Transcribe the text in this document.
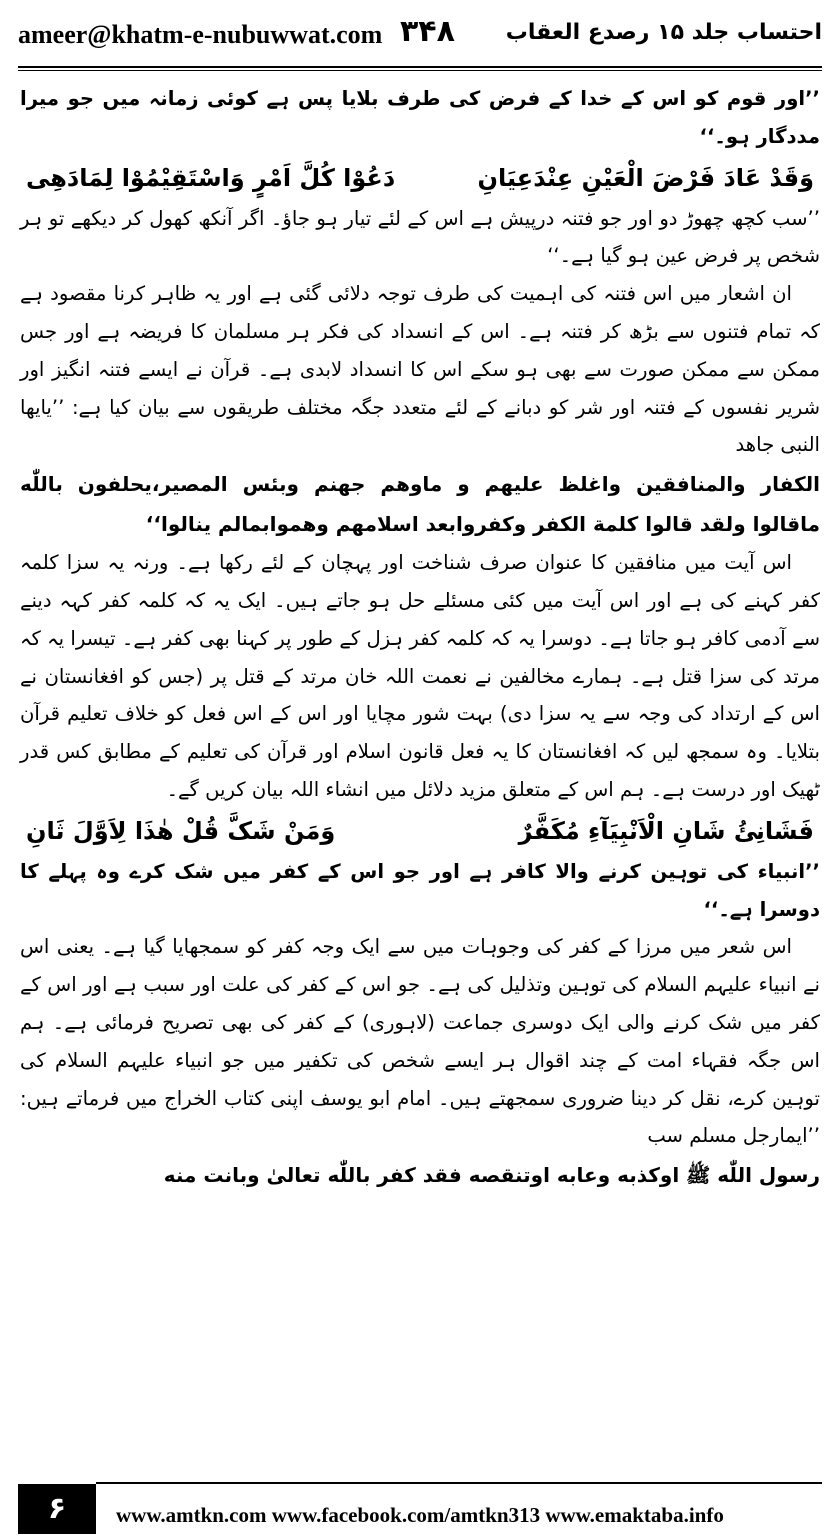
ameer@khatm-e-nubuwwat.com ۳۴۸ احتساب جلد ۱۵ رصدع العقاب

’’اور قوم کو اس کے خدا کے فرض کی طرف بلایا پس ہے کوئی زمانہ میں جو میرا مددگار ہو۔‘‘

وَقَدْ عَادَ فَرْضَ الْعَیْنِ عِنْدَعِیَانِ
دَعُوْا کُلَّ اَمْرٍ وَاسْتَقِیْمُوْا لِمَادَھِی

’’سب کچھ چھوڑ دو اور جو فتنہ درپیش ہے اس کے لئے تیار ہو جاؤ۔ اگر آنکھ کھول کر دیکھے تو ہر شخص پر فرض عین ہو گیا ہے۔‘‘

ان اشعار میں اس فتنہ کی اہمیت کی طرف توجہ دلائی گئی ہے اور یہ ظاہر کرنا مقصود ہے کہ تمام فتنوں سے بڑھ کر فتنہ ہے۔ اس کے انسداد کی فکر ہر مسلمان کا فریضہ ہے اور جس ممکن سے ممکن صورت سے بھی ہو سکے اس کا انسداد لابدی ہے۔ قرآن نے ایسے فتنہ انگیز اور شریر نفسوں کے فتنہ اور شر کو دبانے کے لئے متعدد جگہ مختلف طریقوں سے بیان کیا ہے: ’’یایھا النبی جاھد

الکفار والمنافقین واغلظ علیهم و ماوهم جهنم وبئس المصیر،یحلفون باللّٰه ماقالوا ولقد قالوا کلمة الکفر وکفروابعد اسلامهم وهموابمالم ینالوا‘‘

اس آیت میں منافقین کا عنوان صرف شناخت اور پہچان کے لئے رکھا ہے۔ ورنہ یہ سزا کلمہ کفر کہنے کی ہے اور اس آیت میں کئی مسئلے حل ہو جاتے ہیں۔ ایک یہ کہ کلمہ کفر کہہ دینے سے آدمی کافر ہو جاتا ہے۔ دوسرا یہ کہ کلمہ کفر ہزل کے طور پر کہنا بھی کفر ہے۔ تیسرا یہ کہ مرتد کی سزا قتل ہے۔ ہمارے مخالفین نے نعمت اللہ خان مرتد کے قتل پر (جس کو افغانستان نے اس کے ارتداد کی وجہ سے یہ سزا دی) بہت شور مچایا اور اس کے اس فعل کو خلاف تعلیم قرآن بتلایا۔ وہ سمجھ لیں کہ افغانستان کا یہ فعل قانون اسلام اور قرآن کی تعلیم کے مطابق کس قدر ٹھیک اور درست ہے۔ ہم اس کے متعلق مزید دلائل میں انشاء اللہ بیان کریں گے۔

فَشَانِئُ شَانِ الْاَنْبِیَآءِ مُکَفَّرٌ
وَمَنْ شَکَّ قُلْ ھٰذَا لِاَوَّلَ ثَانِ

’’انبیاء کی توہین کرنے والا کافر ہے اور جو اس کے کفر میں شک کرے وہ پہلے کا دوسرا ہے۔‘‘

اس شعر میں مرزا کے کفر کی وجوہات میں سے ایک وجہ کفر کو سمجھایا گیا ہے۔ یعنی اس نے انبیاء علیہم السلام کی توہین وتذلیل کی ہے۔ جو اس کے کفر کی علت اور سبب ہے اور اس کے کفر میں شک کرنے والی ایک دوسری جماعت (لاہوری) کے کفر کی بھی تصریح فرمائی ہے۔ ہم اس جگہ فقہاء امت کے چند اقوال ہر ایسے شخص کی تکفیر میں جو انبیاء علیہم السلام کی توہین کرے، نقل کر دینا ضروری سمجھتے ہیں۔ امام ابو یوسف اپنی کتاب الخراج میں فرماتے ہیں: ’’ایمارجل مسلم سب

رسول اللّٰه ﷺ اوکذبه وعابه اوتنقصه فقد کفر باللّٰه تعالیٰ وبانت منه

۶	www.amtkn.com www.facebook.com/amtkn313 www.emaktaba.info
